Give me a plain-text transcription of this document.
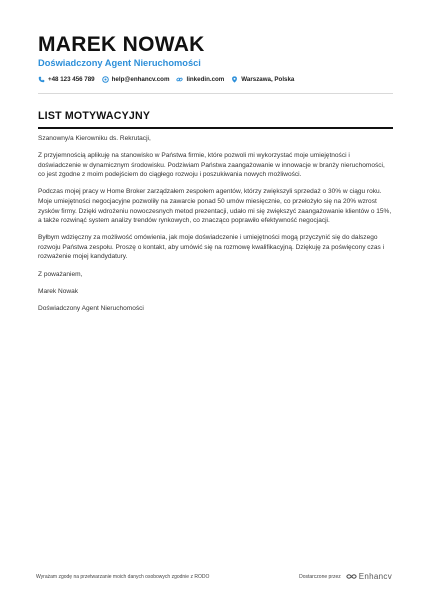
MAREK NOWAK
Doświadczony Agent Nieruchomości
+48 123 456 789	help@enhancv.com	linkedin.com	Warszawa, Polska
LIST MOTYWACYJNY

Szanowny/a Kierowniku ds. Rekrutacji,

Z przyjemnością aplikuję na stanowisko w Państwa firmie, które pozwoli mi wykorzystać moje umiejętności i doświadczenie w dynamicznym środowisku. Podziwiam Państwa zaangażowanie w innowacje w branży nieruchomości, co jest zgodne z moim podejściem do ciągłego rozwoju i poszukiwania nowych możliwości.

Podczas mojej pracy w Home Broker zarządzałem zespołem agentów, którzy zwiększyli sprzedaż o 30% w ciągu roku. Moje umiejętności negocjacyjne pozwoliły na zawarcie ponad 50 umów miesięcznie, co przełożyło się na 20% wzrost zysków firmy. Dzięki wdrożeniu nowoczesnych metod prezentacji, udało mi się zwiększyć zaangażowanie klientów o 15%, a także rozwinąć system analizy trendów rynkowych, co znacząco poprawiło efektywność negocjacji.

Byłbym wdzięczny za możliwość omówienia, jak moje doświadczenie i umiejętności mogą przyczynić się do dalszego rozwoju Państwa zespołu. Proszę o kontakt, aby umówić się na rozmowę kwalifikacyjną. Dziękuję za poświęcony czas i rozważenie mojej kandydatury.

Z poważaniem,

Marek Nowak

Doświadczony Agent Nieruchomości

Wyrażam zgodę na przetwarzanie moich danych osobowych zgodnie z RODO	Dostarczone przez Enhancv
